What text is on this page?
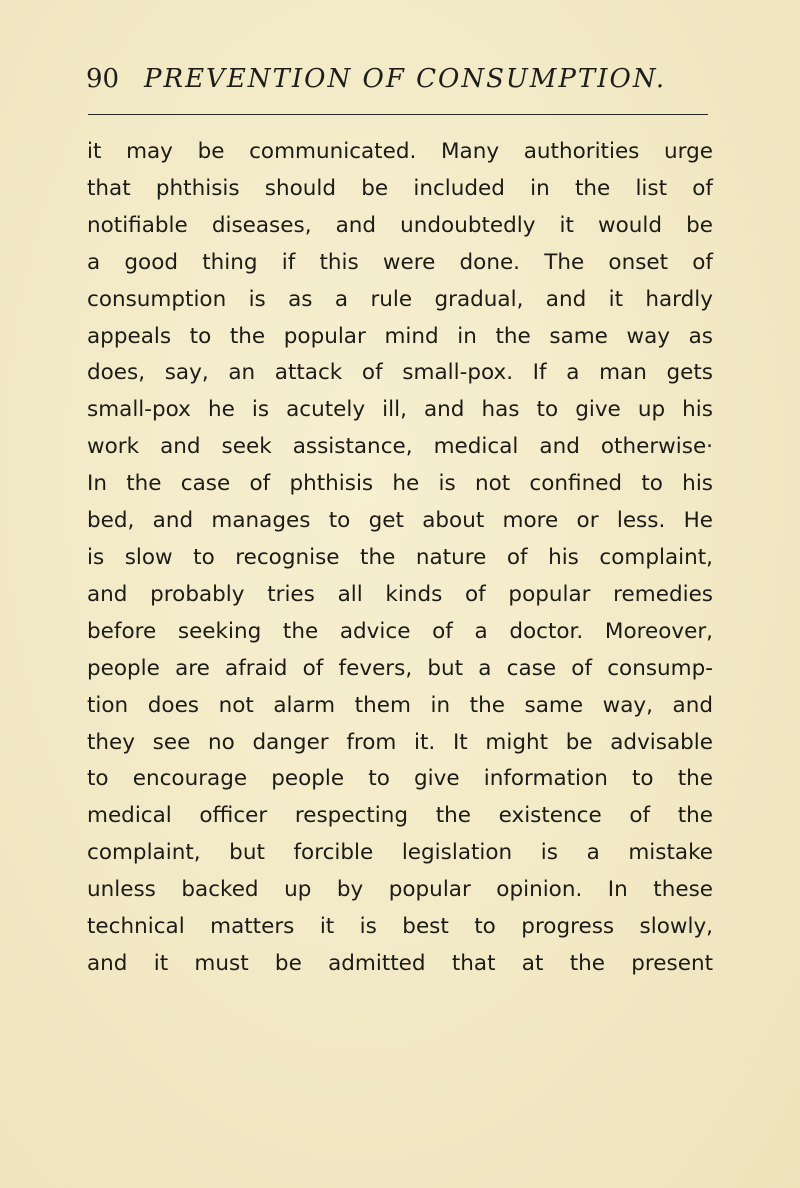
90 PREVENTION OF CONSUMPTION.
it may be communicated. Many authorities urge
that phthisis should be included in the list of
notifiable diseases, and undoubtedly it would be
a good thing if this were done. The onset of
consumption is as a rule gradual, and it hardly
appeals to the popular mind in the same way as
does, say, an attack of small-pox. If a man gets
small-pox he is acutely ill, and has to give up his
work and seek assistance, medical and otherwise·
In the case of phthisis he is not confined to his
bed, and manages to get about more or less. He
is slow to recognise the nature of his complaint,
and probably tries all kinds of popular remedies
before seeking the advice of a doctor. Moreover,
people are afraid of fevers, but a case of consump-
tion does not alarm them in the same way, and
they see no danger from it. It might be advisable
to encourage people to give information to the
medical officer respecting the existence of the
complaint, but forcible legislation is a mistake
unless backed up by popular opinion. In these
technical matters it is best to progress slowly,
and it must be admitted that at the present
